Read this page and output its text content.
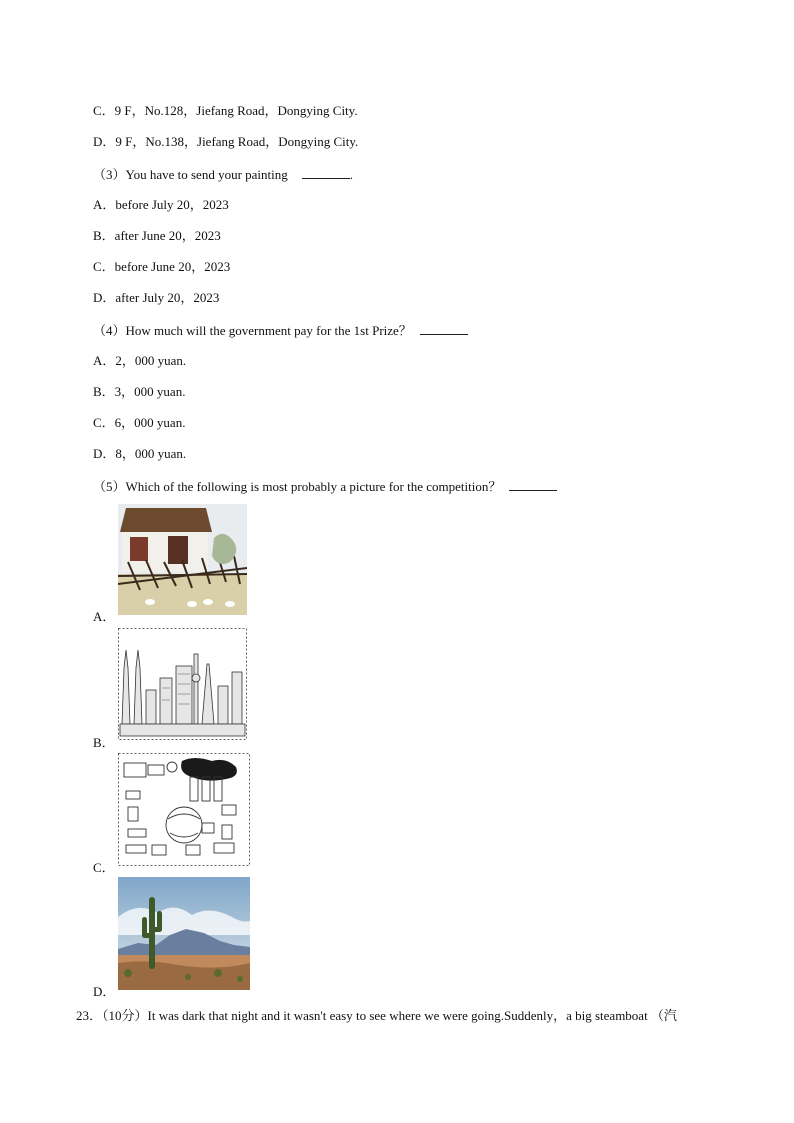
C．9 F，No.128，Jiefang Road，Dongying City.
D．9 F，No.138，Jiefang Road，Dongying City.
（3）You have to send your painting	.
A．before July 20，2023
B．after June 20，2023
C．before June 20，2023
D．after July 20，2023
（4）How much will the government pay for the 1st Prize？
A．2，000 yuan.
B．3，000 yuan.
C．6，000 yuan.
D．8，000 yuan.
（5）Which of the following is most probably a picture for the competition？
A．
B．
C．
D．
23．（10分）It was dark that night and it wasn't easy to see where we were going.Suddenly，a big steamboat （汽
